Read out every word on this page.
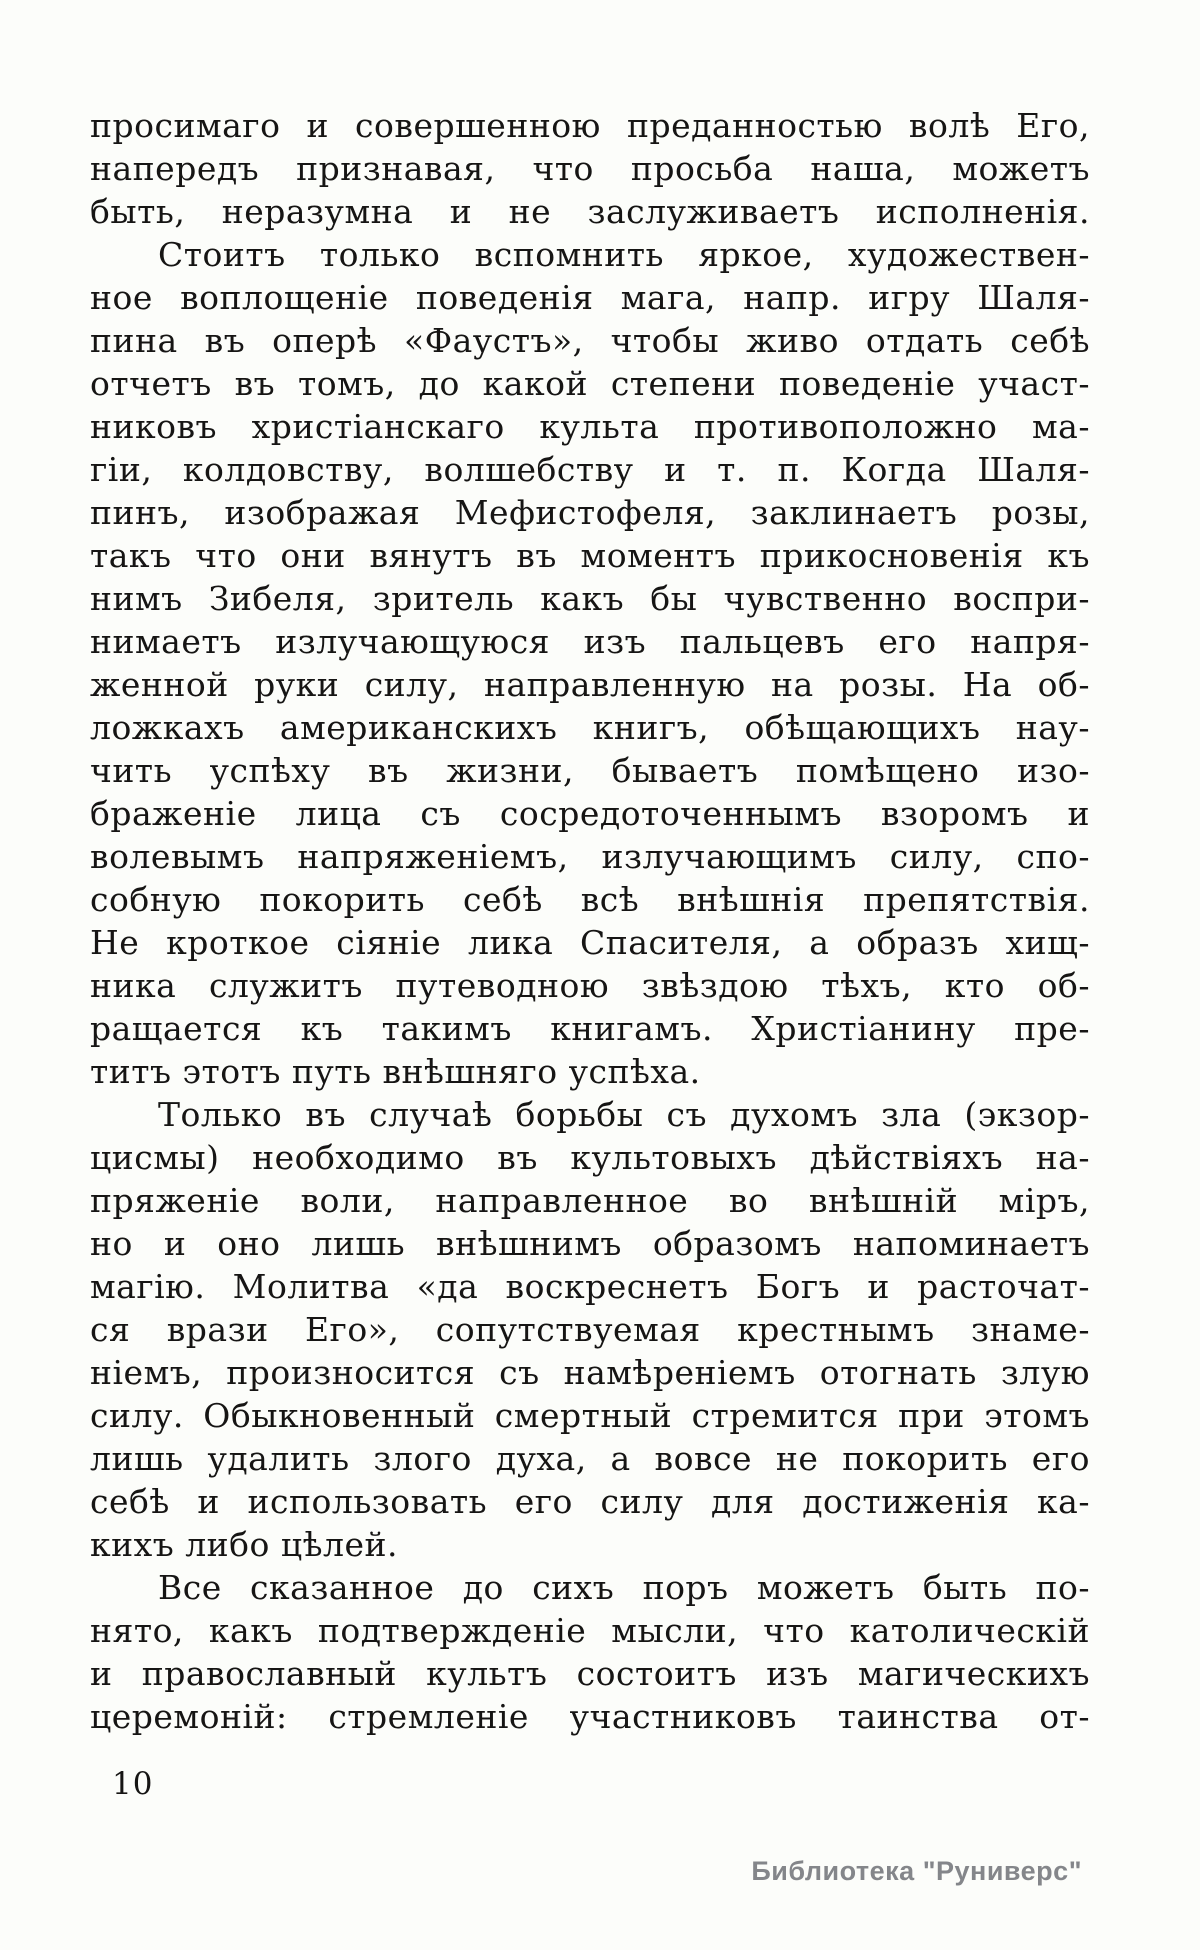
просимаго и совершенною преданностью волѣ Его,
напередъ признавая, что просьба наша, можетъ
быть, неразумна и не заслуживаетъ исполненія.
Стоитъ только вспомнить яркое, художествен-
ное воплощеніе поведенія мага, напр. игру Шаля-
пина въ оперѣ «Фаустъ», чтобы живо отдать себѣ
отчетъ въ томъ, до какой степени поведеніе участ-
никовъ христіанскаго культа противоположно ма-
гіи, колдовству, волшебству и т. п. Когда Шаля-
пинъ, изображая Мефистофеля, заклинаетъ розы,
такъ что они вянутъ въ моментъ прикосновенія къ
нимъ Зибеля, зритель какъ бы чувственно воспри-
нимаетъ излучающуюся изъ пальцевъ его напря-
женной руки силу, направленную на розы. На об-
ложкахъ американскихъ книгъ, обѣщающихъ нау-
чить успѣху въ жизни, бываетъ помѣщено изо-
браженіе лица съ сосредоточеннымъ взоромъ и
волевымъ напряженіемъ, излучающимъ силу, спо-
собную покорить себѣ всѣ внѣшнія препятствія.
Не кроткое сіяніе лика Спасителя, а образъ хищ-
ника служитъ путеводною звѣздою тѣхъ, кто об-
ращается къ такимъ книгамъ. Христіанину пре-
титъ этотъ путь внѣшняго успѣха.
Только въ случаѣ борьбы съ духомъ зла (экзор-
цисмы) необходимо въ культовыхъ дѣйствіяхъ на-
пряженіе воли, направленное во внѣшній міръ,
но и оно лишь внѣшнимъ образомъ напоминаетъ
магію. Молитва «да воскреснетъ Богъ и расточат-
ся врази Его», сопутствуемая крестнымъ знаме-
ніемъ, произносится съ намѣреніемъ отогнать злую
силу. Обыкновенный смертный стремится при этомъ
лишь удалить злого духа, а вовсе не покорить его
себѣ и использовать его силу для достиженія ка-
кихъ либо цѣлей.
Все сказанное до сихъ поръ можетъ быть по-
нято, какъ подтвержденіе мысли, что католическій
и православный культъ состоитъ изъ магическихъ
церемоній: стремленіе участниковъ таинства от-
10
Библиотека "Руниверс"
